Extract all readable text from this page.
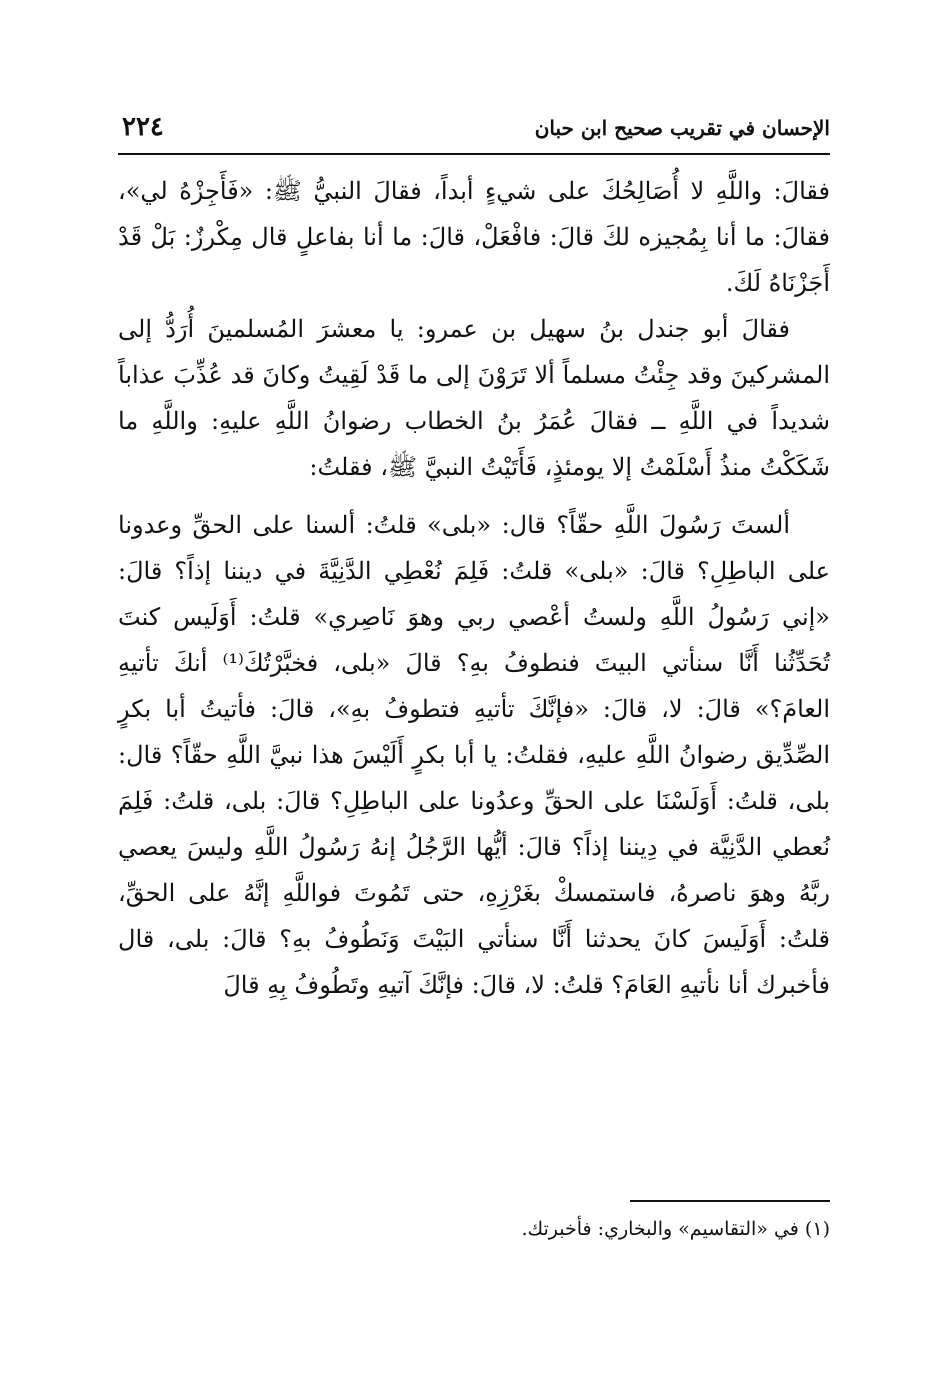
الإحسان في تقريب صحيح ابن حبان
٢٢٤

فقالَ: واللَّهِ لا أُصَالِحُكَ على شيءٍ أبداً، فقالَ النبيُّ ﷺ: «فَأَجِزْهُ لي»، فقالَ: ما أنا بِمُجيزه لكَ قالَ: فافْعَلْ، قالَ: ما أنا بفاعلٍ قال مِكْرزٌ: بَلْ قَدْ أَجَزْنَاهُ لَكَ.

فقالَ أبو جندل بنُ سهيل بن عمرو: يا معشرَ المُسلمينَ أُرَدُّ إلى المشركينَ وقد جِئْتُ مسلماً ألا تَرَوْنَ إلى ما قَدْ لَقِيتُ وكانَ قد عُذِّبَ عذاباً شديداً في اللَّهِ ــ فقالَ عُمَرُ بنُ الخطاب رضوانُ اللَّهِ عليهِ: واللَّهِ ما شَكَكْتُ منذُ أَسْلَمْتُ إلا يومئذٍ، فَأَتَيْتُ النبيَّ ﷺ، فقلتُ:

ألستَ رَسُولَ اللَّهِ حقّاً؟ قال: «بلى» قلتُ: ألسنا على الحقِّ وعدونا على الباطِلِ؟ قالَ: «بلى» قلتُ: فَلِمَ نُعْطِي الدَّنِيَّةَ في ديننا إذاً؟ قالَ: «إني رَسُولُ اللَّهِ ولستُ أعْصي ربي وهوَ نَاصِري» قلتُ: أَوَلَيس كنتَ تُحَدِّثُنا أَنَّا سنأتي البيتَ فنطوفُ بهِ؟ قالَ «بلى، فخبَّرْتُكَ⁽¹⁾ أنكَ تأتيهِ العامَ؟» قالَ: لا، قالَ: «فإنَّكَ تأتيهِ فتطوفُ بهِ»، قالَ: فأتيتُ أبا بكرٍ الصِّدِّيق رضوانُ اللَّهِ عليهِ، فقلتُ: يا أبا بكرٍ أَلَيْسَ هذا نبيَّ اللَّهِ حقّاً؟ قال: بلى، قلتُ: أَوَلَسْنَا على الحقِّ وعدُونا على الباطِلِ؟ قالَ: بلى، قلتُ: فَلِمَ نُعطي الدَّنِيَّة في دِيننا إذاً؟ قالَ: أيُّها الرَّجُلُ إنهُ رَسُولُ اللَّهِ وليسَ يعصي ربَّهُ وهوَ ناصرهُ، فاستمسكْ بغَرْزِهِ، حتى تَمُوتَ فواللَّهِ إنَّهُ على الحقِّ، قلتُ: أَوَلَيسَ كانَ يحدثنا أَنَّا سنأتي البَيْتَ وَنَطُوفُ بهِ؟ قالَ: بلى، قال فأخبرك أنا نأتيهِ العَامَ؟ قلتُ: لا، قالَ: فإنَّكَ آتيهِ وتَطُوفُ بِهِ قالَ

(١) في «التقاسيم» والبخاري: فأخبرتك.
